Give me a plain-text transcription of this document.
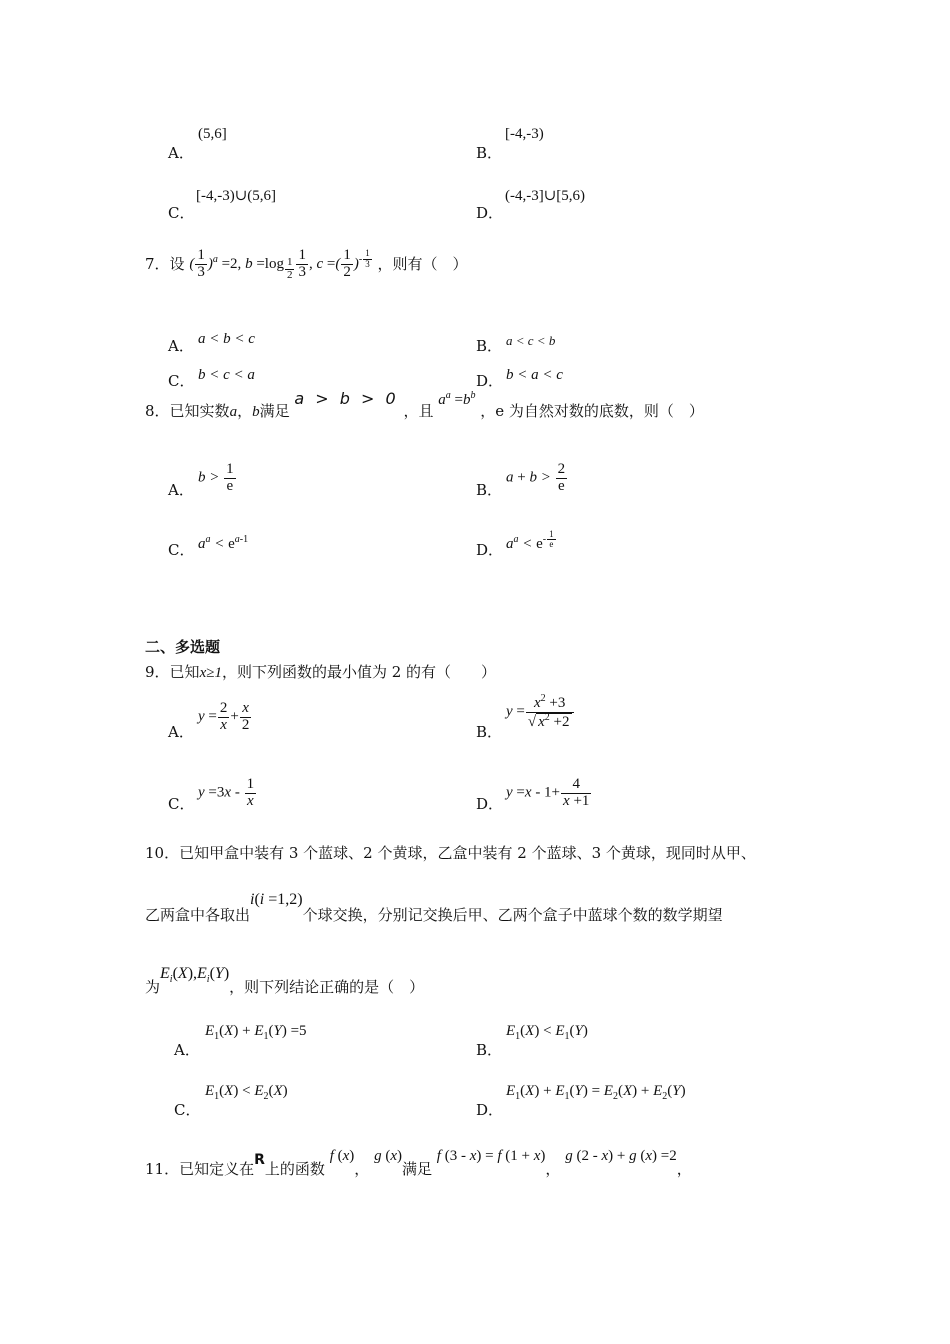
A．
(5,6]
B．
[-4,-3)
C．
[-4,-3)∪(5,6]
D．
(-4,-3]∪[5,6)
7．设 ( $\frac{1}{3} )^a =2$, b =log $_{\frac{1}{2}} \frac{1}{3}$ , c =( $\frac{1}{2} )^{- \frac{1}{3}}$ ，则有（　）
A． a < b < c	B． a < c < b
C． b < c < a	D． b < a < c
8．已知实数a，b满足 a > b > 0 ，且 $a^a =b^b$ ，e 为自然对数的底数，则（　）
A．
$b > \frac{1}{e}$	B．
$a + b > \frac{2}{e}$
C． $a^a < e^{a-1}$
D． $a^a < e^{- \frac{1}{e}}$
二、多选题
9．已知x≥1，则下列函数的最小值为 2 的有（　　）
A．
$y = \frac{2}{x} + \frac{x}{2}$	B．
$y = \frac{x^2 +3}{√ x^2 +2}$
C．
$y =3x - \frac{1}{x}$	D．
$y =x - 1+ \frac{4}{x +1}$
10．已知甲盒中装有 3 个蓝球、2 个黄球，乙盒中装有 2 个蓝球、3 个黄球，现同时从甲、
乙两盒中各取出i(i =1,2)个球交换，分别记交换后甲、乙两个盒子中蓝球个数的数学期望
为$E_i(X),E_i(Y)$，则下列结论正确的是（　）
A．
$E_1(X) + E_1(Y) =5$
B．
$E_1(X) < E_1(Y)$
C．
$E_1(X) < E_2(X)$
D．
$E_1(X) + E_1(Y) = E_2(X) + E_2(Y)$
11．已知定义在R上的函数 f (x)， g (x)满足 f (3 - x) = f (1 + x)， g (2 - x) + g (x) =2，
